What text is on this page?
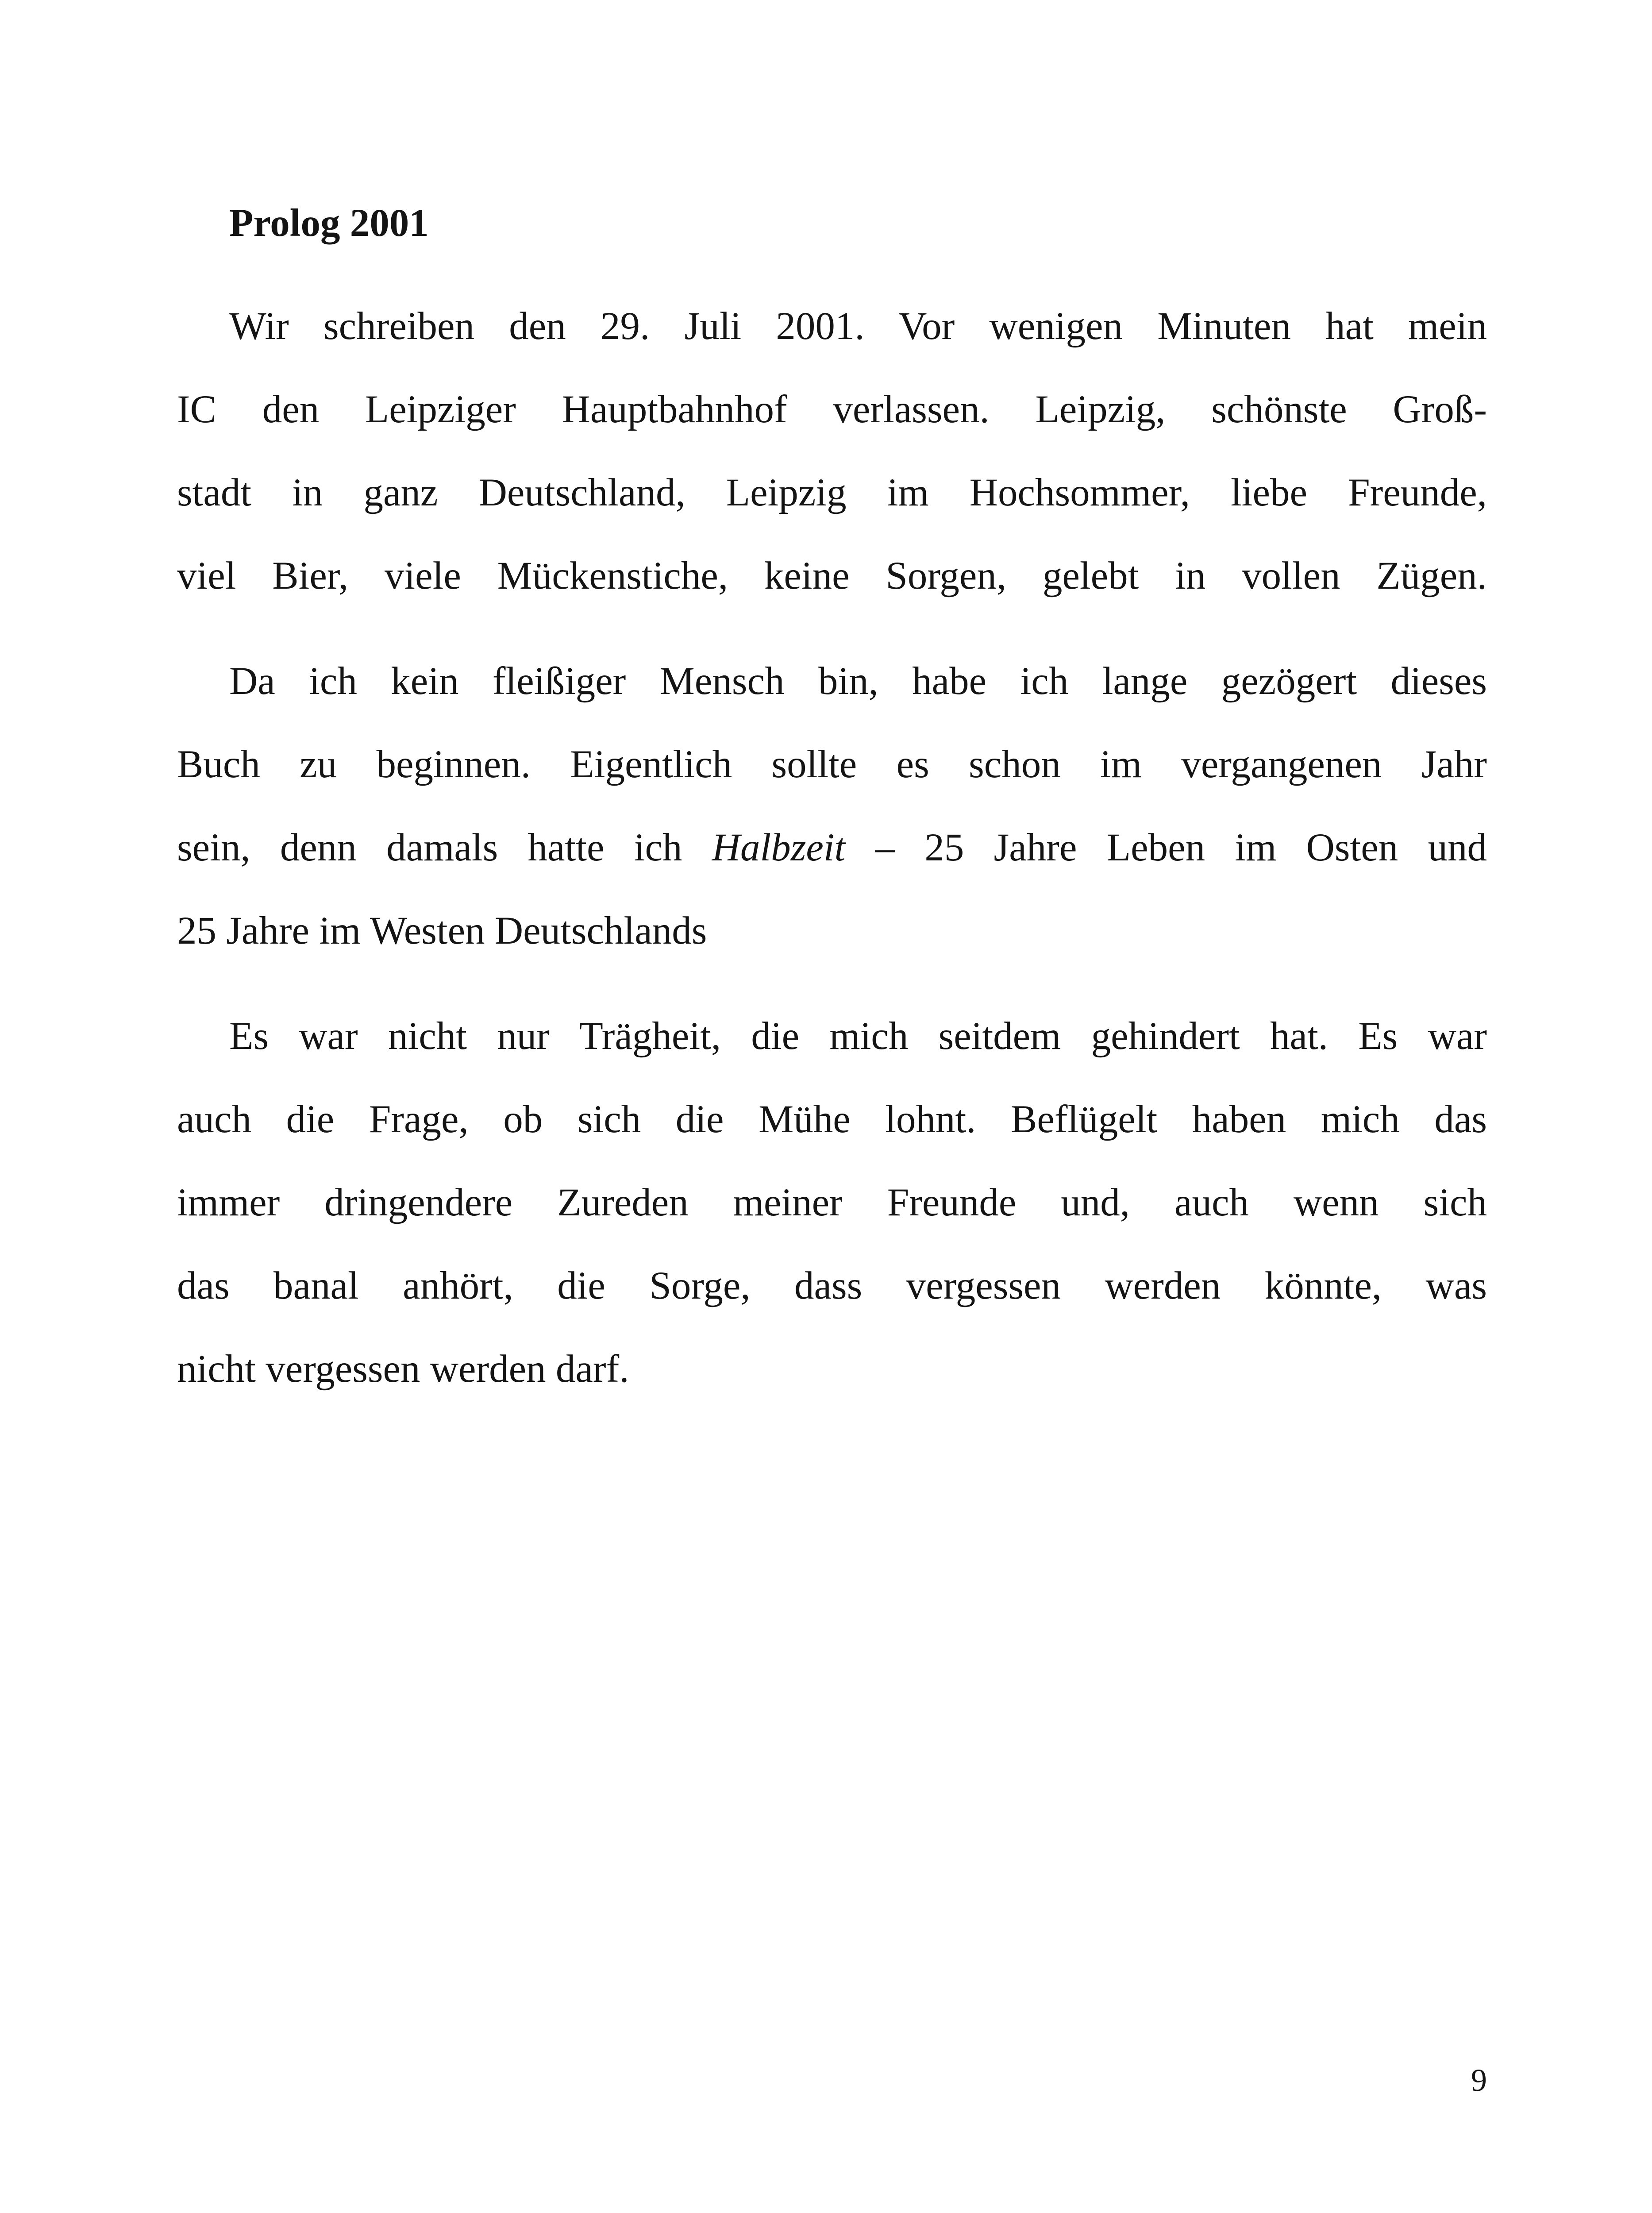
Prolog 2001
Wir schreiben den 29. Juli 2001. Vor wenigen Minuten hat mein
IC den Leipziger Hauptbahnhof verlassen. Leipzig, schönste Groß-
stadt in ganz Deutschland, Leipzig im Hochsommer, liebe Freunde,
viel Bier, viele Mückenstiche, keine Sorgen, gelebt in vollen Zügen.
Da ich kein fleißiger Mensch bin, habe ich lange gezögert dieses
Buch zu beginnen. Eigentlich sollte es schon im vergangenen Jahr
sein, denn damals hatte ich Halbzeit – 25 Jahre Leben im Osten und
25 Jahre im Westen Deutschlands
Es war nicht nur Trägheit, die mich seitdem gehindert hat. Es war
auch die Frage, ob sich die Mühe lohnt. Beflügelt haben mich das
immer dringendere Zureden meiner Freunde und, auch wenn sich
das banal anhört, die Sorge, dass vergessen werden könnte, was
nicht vergessen werden darf.
9
